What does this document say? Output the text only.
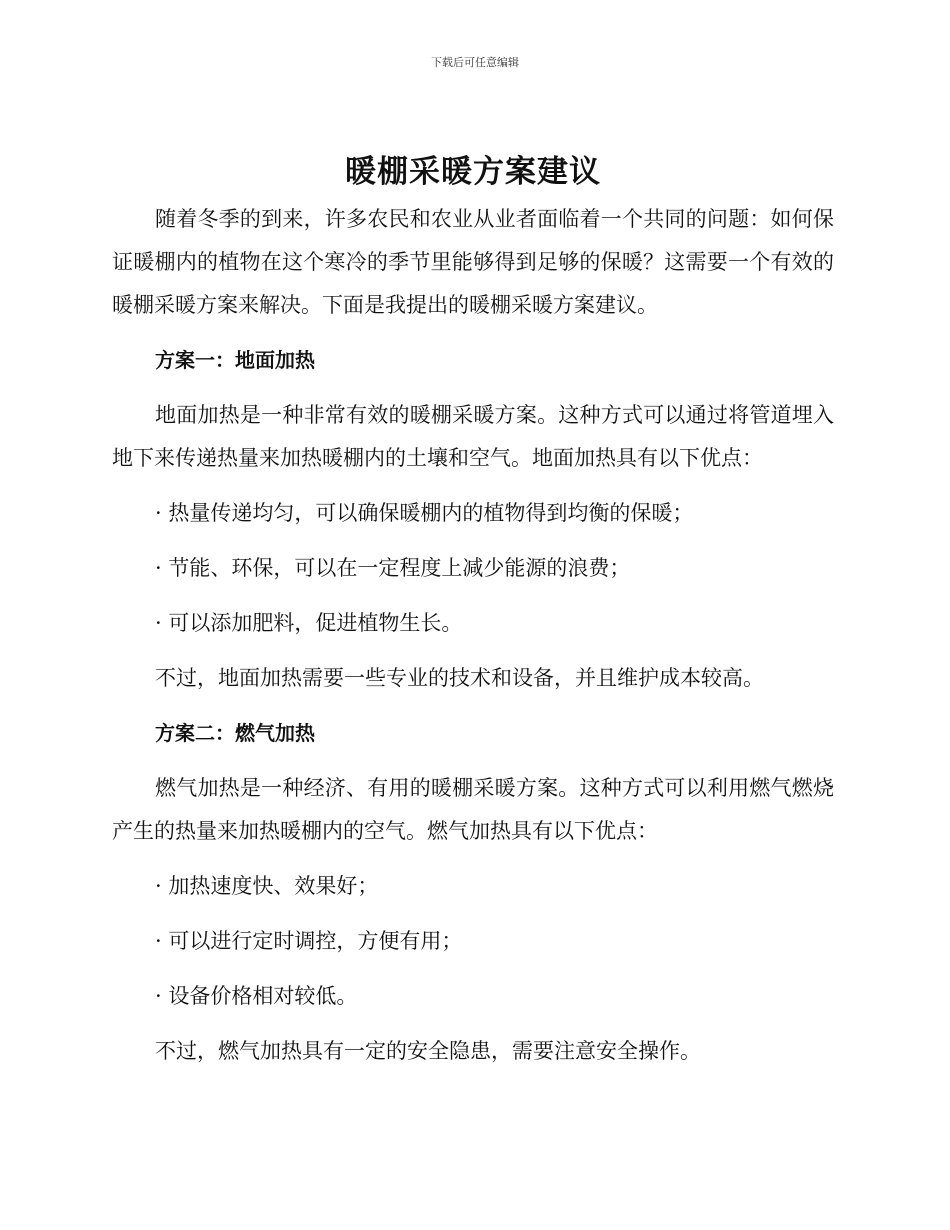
下载后可任意编辑
暖棚采暖方案建议

随着冬季的到来，许多农民和农业从业者面临着一个共同的问题：如何保证暖棚内的植物在这个寒冷的季节里能够得到足够的保暖？这需要一个有效的暖棚采暖方案来解决。下面是我提出的暖棚采暖方案建议。

方案一：地面加热

地面加热是一种非常有效的暖棚采暖方案。这种方式可以通过将管道埋入地下来传递热量来加热暖棚内的土壤和空气。地面加热具有以下优点：

· 热量传递均匀，可以确保暖棚内的植物得到均衡的保暖；
· 节能、环保，可以在一定程度上减少能源的浪费；
· 可以添加肥料，促进植物生长。

不过，地面加热需要一些专业的技术和设备，并且维护成本较高。

方案二：燃气加热

燃气加热是一种经济、有用的暖棚采暖方案。这种方式可以利用燃气燃烧产生的热量来加热暖棚内的空气。燃气加热具有以下优点：

· 加热速度快、效果好；
· 可以进行定时调控，方便有用；
· 设备价格相对较低。

不过，燃气加热具有一定的安全隐患，需要注意安全操作。
